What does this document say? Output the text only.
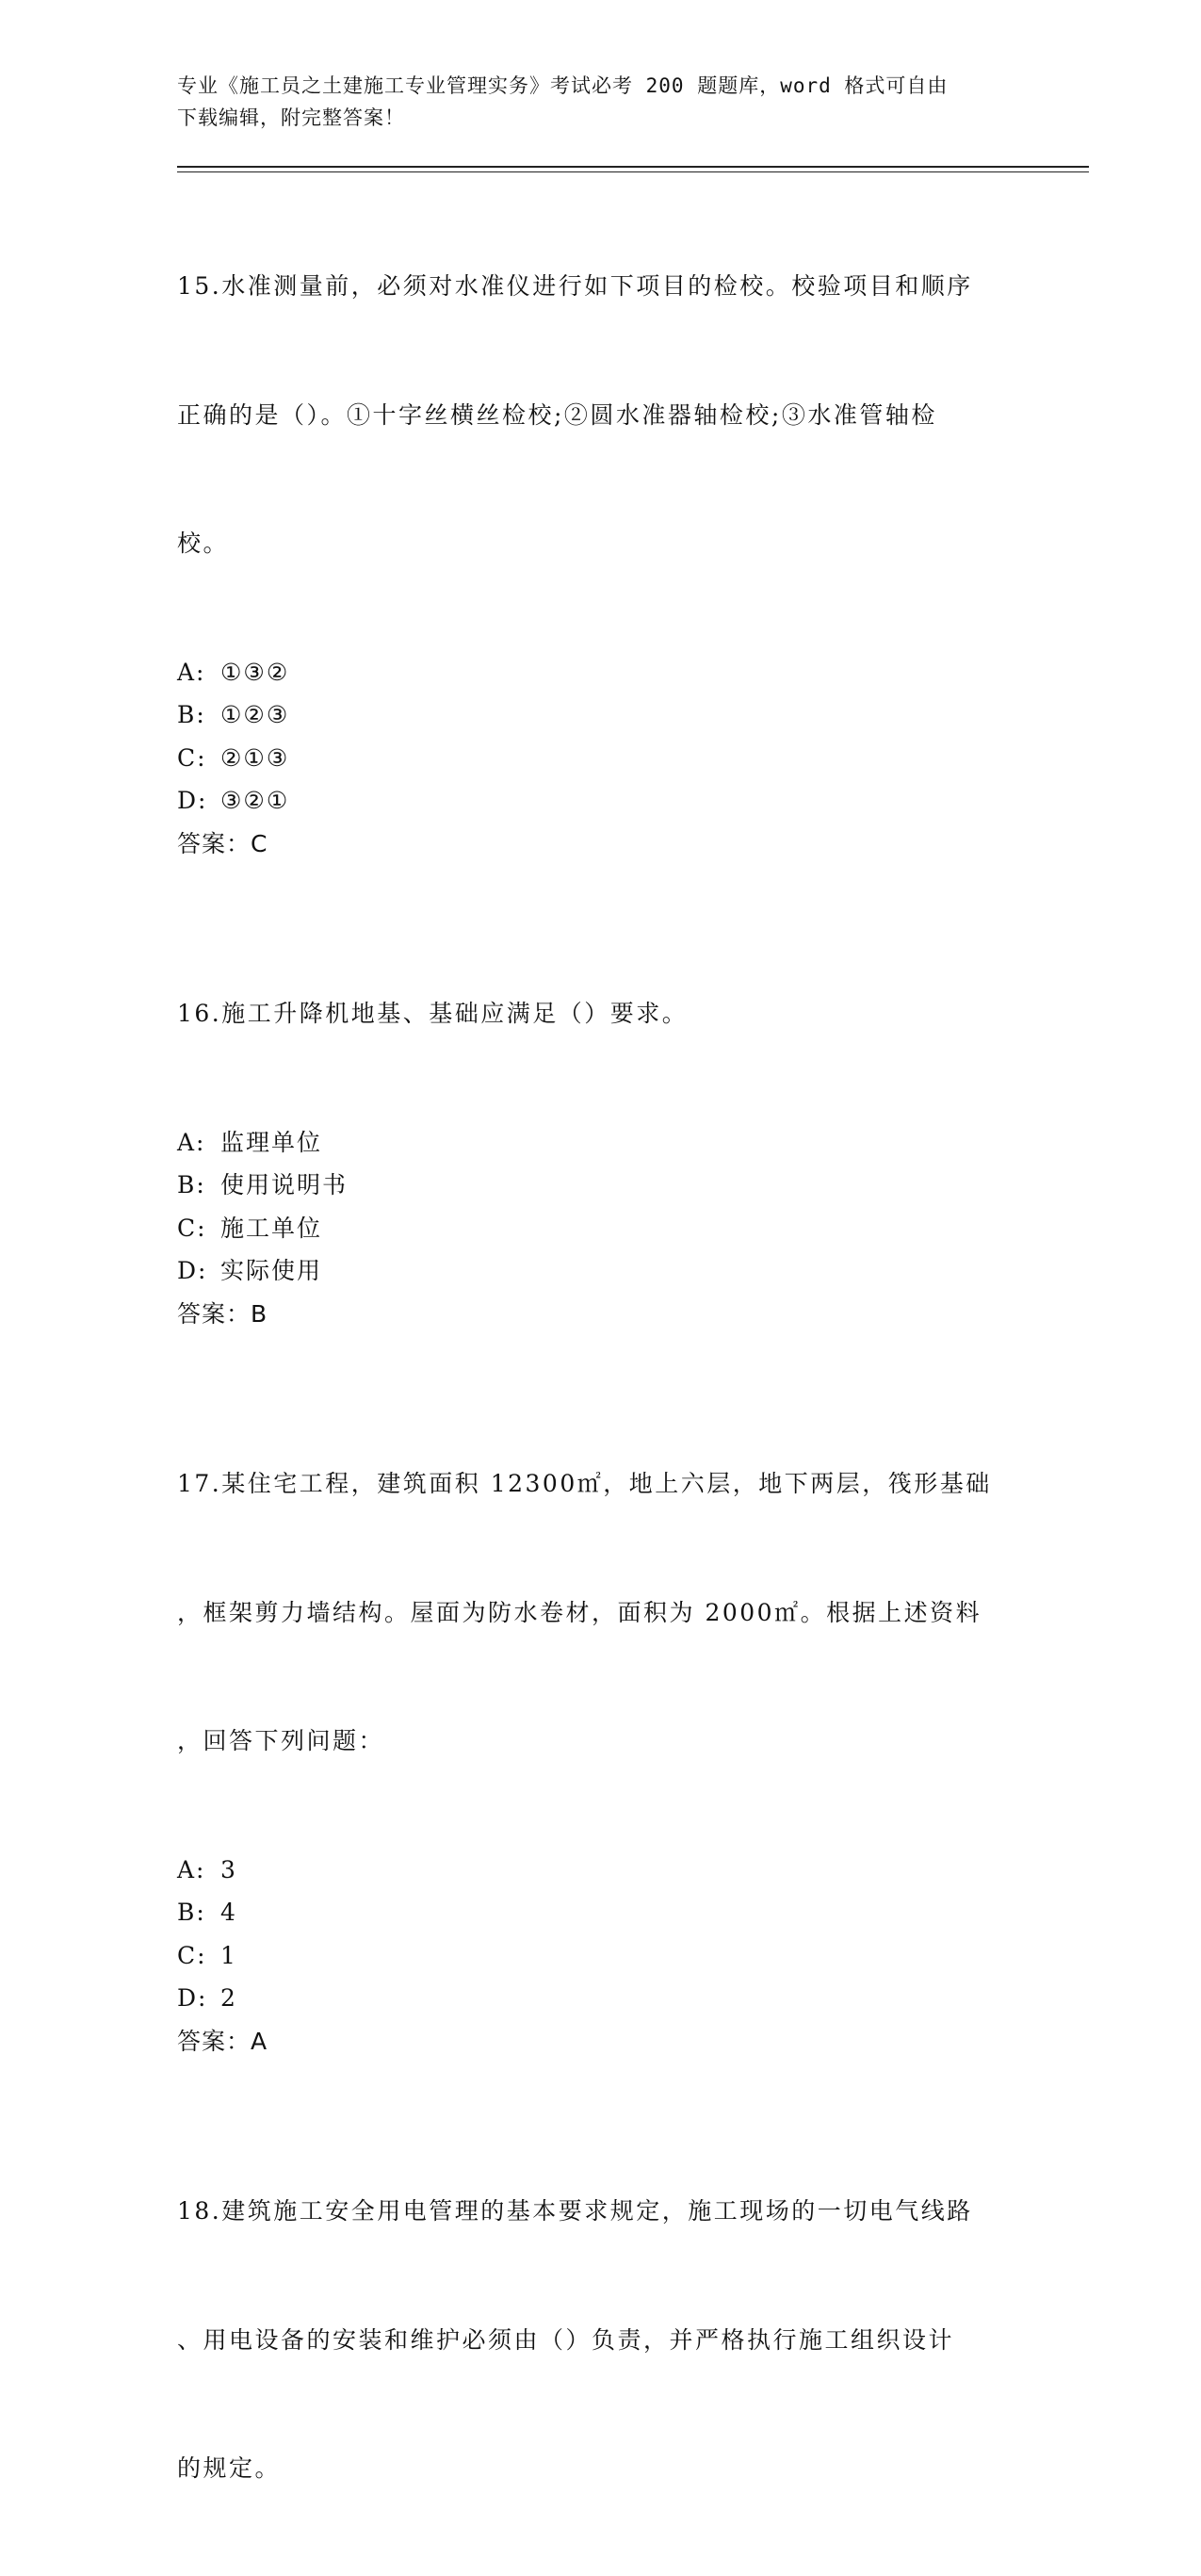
专业《施工员之土建施工专业管理实务》考试必考 200 题题库，word 格式可自由
下载编辑，附完整答案！

15.水准测量前，必须对水准仪进行如下项目的检校。校验项目和顺序

正确的是（）。①十字丝横丝检校;②圆水准器轴检校;③水准管轴检

校。

A: ①③②
B: ①②③
C: ②①③
D: ③②①
答案：C

16.施工升降机地基、基础应满足（）要求。

A: 监理单位
B: 使用说明书
C: 施工单位
D: 实际使用
答案：B

17.某住宅工程，建筑面积 12300㎡，地上六层，地下两层，筏形基础

，框架剪力墙结构。屋面为防水卷材，面积为 2000㎡。根据上述资料

，回答下列问题：

A: 3
B: 4
C: 1
D: 2
答案：A

18.建筑施工安全用电管理的基本要求规定，施工现场的一切电气线路

、用电设备的安装和维护必须由（）负责，并严格执行施工组织设计

的规定。
